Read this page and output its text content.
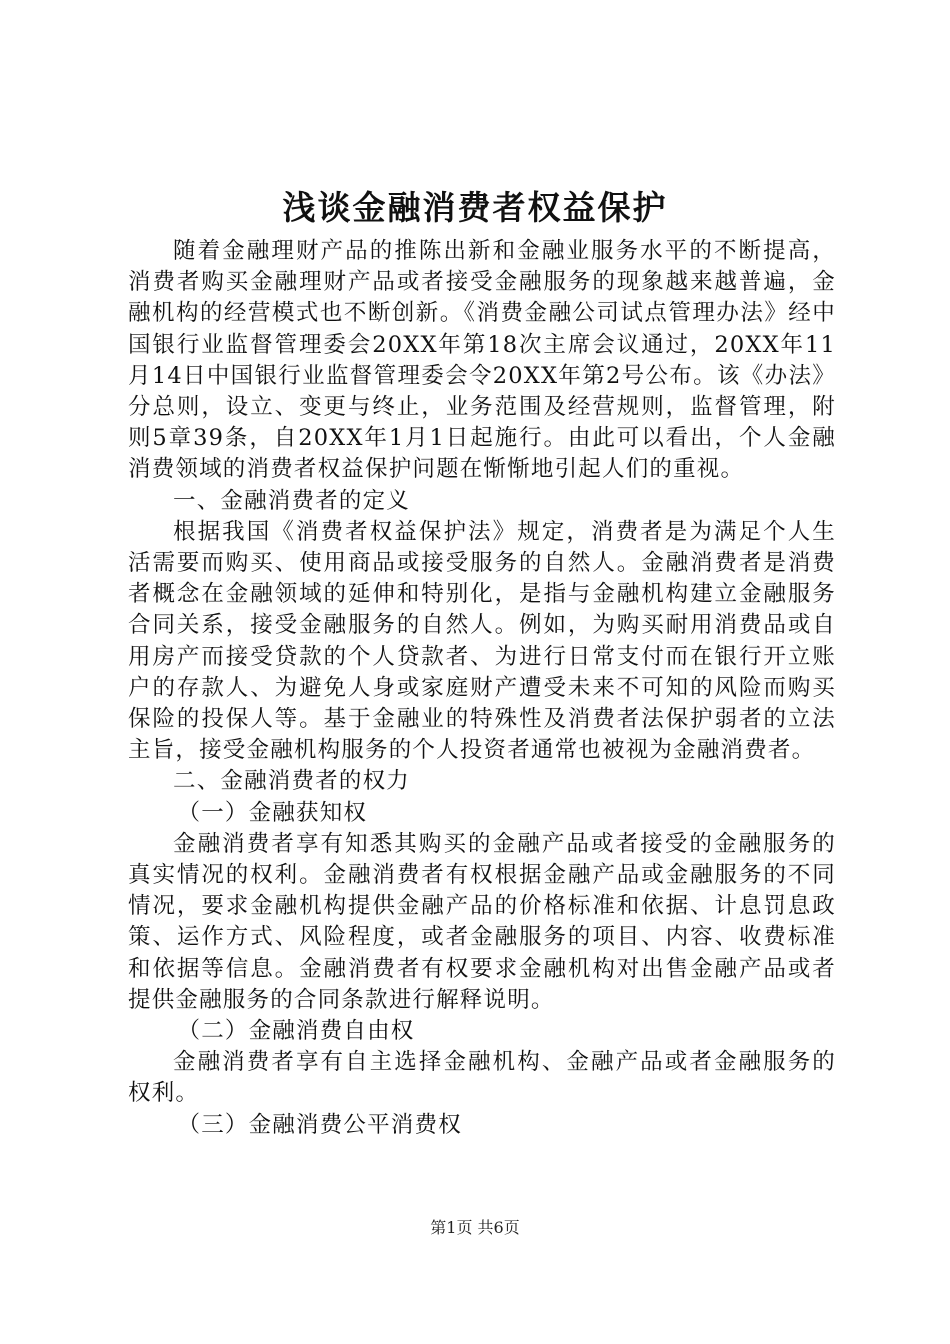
浅谈金融消费者权益保护

随着金融理财产品的推陈出新和金融业服务水平的不断提高，消费者购买金融理财产品或者接受金融服务的现象越来越普遍，金融机构的经营模式也不断创新。《消费金融公司试点管理办法》经中国银行业监督管理委会20XX年第18次主席会议通过，20XX年11月14日中国银行业监督管理委会令20XX年第2号公布。该《办法》分总则，设立、变更与终止，业务范围及经营规则，监督管理，附则5章39条，自20XX年1月1日起施行。由此可以看出，个人金融消费领域的消费者权益保护问题在惭惭地引起人们的重视。

一、金融消费者的定义

根据我国《消费者权益保护法》规定，消费者是为满足个人生活需要而购买、使用商品或接受服务的自然人。金融消费者是消费者概念在金融领域的延伸和特别化，是指与金融机构建立金融服务合同关系，接受金融服务的自然人。例如，为购买耐用消费品或自用房产而接受贷款的个人贷款者、为进行日常支付而在银行开立账户的存款人、为避免人身或家庭财产遭受未来不可知的风险而购买保险的投保人等。基于金融业的特殊性及消费者法保护弱者的立法主旨，接受金融机构服务的个人投资者通常也被视为金融消费者。

二、金融消费者的权力

（一）金融获知权

金融消费者享有知悉其购买的金融产品或者接受的金融服务的真实情况的权利。金融消费者有权根据金融产品或金融服务的不同情况，要求金融机构提供金融产品的价格标准和依据、计息罚息政策、运作方式、风险程度，或者金融服务的项目、内容、收费标准和依据等信息。金融消费者有权要求金融机构对出售金融产品或者提供金融服务的合同条款进行解释说明。

（二）金融消费自由权

金融消费者享有自主选择金融机构、金融产品或者金融服务的权利。

（三）金融消费公平消费权

第1页 共6页
